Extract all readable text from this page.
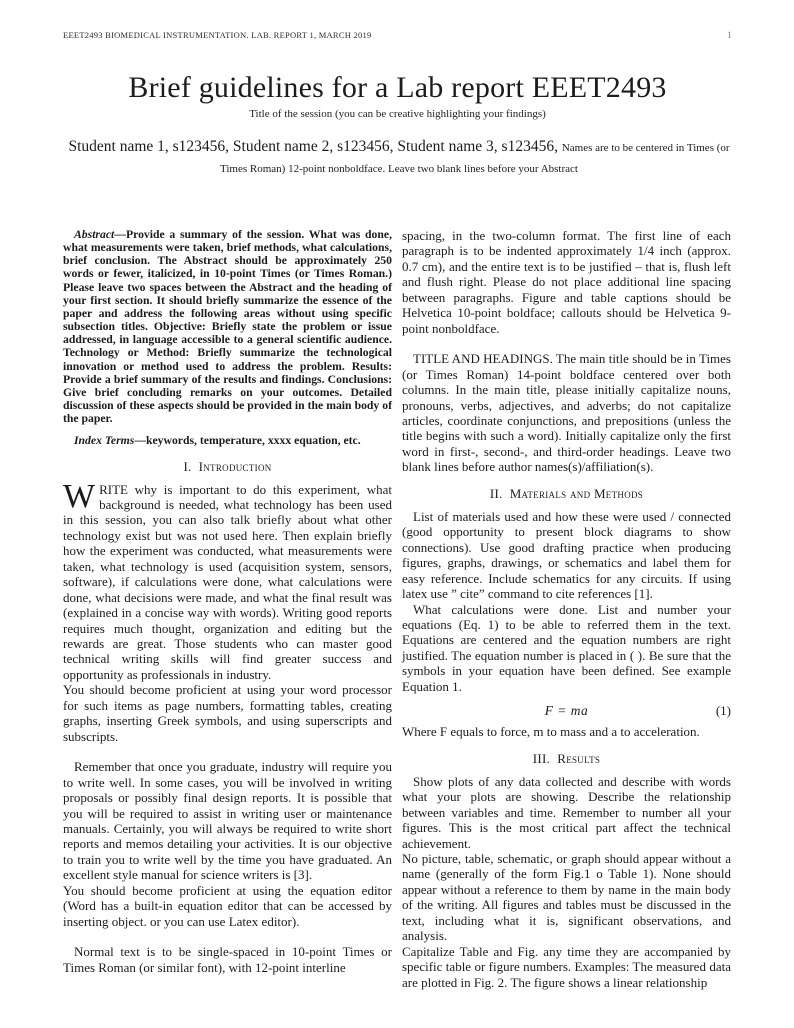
EEET2493 BIOMEDICAL INSTRUMENTATION. LAB. REPORT 1, MARCH 2019	1
Brief guidelines for a Lab report EEET2493
Title of the session (you can be creative highlighting your findings)
Student name 1, s123456, Student name 2, s123456, Student name 3, s123456, Names are to be centered in Times (or Times Roman) 12-point nonboldface. Leave two blank lines before your Abstract

Abstract—Provide a summary of the session. What was done, what measurements were taken, brief methods, what calculations, brief conclusion. The Abstract should be approximately 250 words or fewer, italicized, in 10-point Times (or Times Roman.) Please leave two spaces between the Abstract and the heading of your first section. It should briefly summarize the essence of the paper and address the following areas without using specific subsection titles. Objective: Briefly state the problem or issue addressed, in language accessible to a general scientific audience. Technology or Method: Briefly summarize the technological innovation or method used to address the problem. Results: Provide a brief summary of the results and findings. Conclusions: Give brief concluding remarks on your outcomes. Detailed discussion of these aspects should be provided in the main body of the paper.

Index Terms—keywords, temperature, xxxx equation, etc.

I. Introduction

WRITE why is important to do this experiment, what background is needed, what technology has been used in this session, you can also talk briefly about what other technology exist but was not used here. Then explain briefly how the experiment was conducted, what measurements were taken, what technology is used (acquisition system, sensors, software), if calculations were done, what calculations were done, what decisions were made, and what the final result was (explained in a concise way with words). Writing good reports requires much thought, organization and editing but the rewards are great. Those students who can master good technical writing skills will find greater success and opportunity as professionals in industry.

You should become proficient at using your word processor for such items as page numbers, formatting tables, creating graphs, inserting Greek symbols, and using superscripts and subscripts.

Remember that once you graduate, industry will require you to write well. In some cases, you will be involved in writing proposals or possibly final design reports. It is possible that you will be required to assist in writing user or maintenance manuals. Certainly, you will always be required to write short reports and memos detailing your activities. It is our objective to train you to write well by the time you have graduated. An excellent style manual for science writers is [3].

You should become proficient at using the equation editor (Word has a built-in equation editor that can be accessed by inserting object. or you can use Latex editor).

Normal text is to be single-spaced in 10-point Times or Times Roman (or similar font), with 12-point interline

spacing, in the two-column format. The first line of each paragraph is to be indented approximately 1/4 inch (approx. 0.7 cm), and the entire text is to be justified – that is, flush left and flush right. Please do not place additional line spacing between paragraphs. Figure and table captions should be Helvetica 10-point boldface; callouts should be Helvetica 9-point nonboldface.

TITLE AND HEADINGS. The main title should be in Times (or Times Roman) 14-point boldface centered over both columns. In the main title, please initially capitalize nouns, pronouns, verbs, adjectives, and adverbs; do not capitalize articles, coordinate conjunctions, and prepositions (unless the title begins with such a word). Initially capitalize only the first word in first-, second-, and third-order headings. Leave two blank lines before author names(s)/affiliation(s).

II. Materials and Methods

List of materials used and how these were used / connected (good opportunity to present block diagrams to show connections). Use good drafting practice when producing figures, graphs, drawings, or schematics and label them for easy reference. Include schematics for any circuits. If using latex use ” cite” command to cite references [1].

What calculations were done. List and number your equations (Eq. 1) to be able to referred them in the text. Equations are centered and the equation numbers are right justified. The equation number is placed in ( ). Be sure that the symbols in your equation have been defined. See example Equation 1.

F = ma	(1)

Where F equals to force, m to mass and a to acceleration.

III. Results

Show plots of any data collected and describe with words what your plots are showing. Describe the relationship between variables and time. Remember to number all your figures. This is the most critical part affect the technical achievement.

No picture, table, schematic, or graph should appear without a name (generally of the form Fig.1 o Table 1). None should appear without a reference to them by name in the main body of the writing. All figures and tables must be discussed in the text, including what it is, significant observations, and analysis.

Capitalize Table and Fig. any time they are accompanied by specific table or figure numbers. Examples: The measured data are plotted in Fig. 2. The figure shows a linear relationship
